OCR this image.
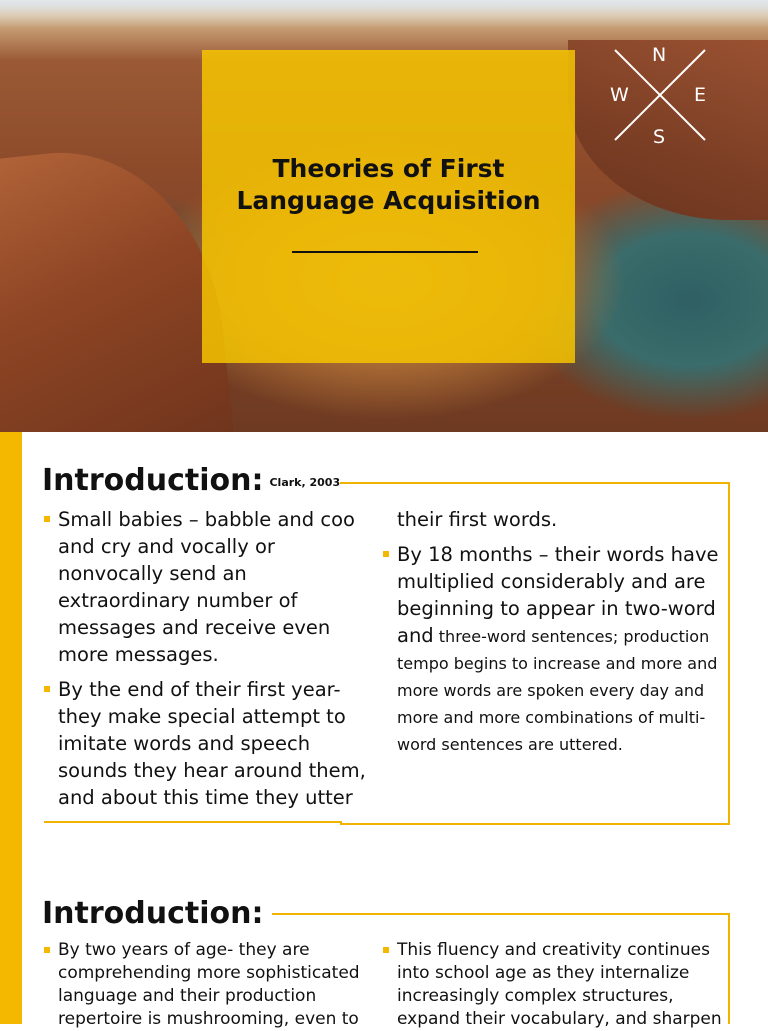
Theories of First Language Acquisition
N
W	E
S
Introduction: Clark, 2003
Small babies – babble and coo and cry and vocally or nonvocally send an extraordinary number of messages and receive even more messages.
By the end of their first year- they make special attempt to imitate words and speech sounds they hear around them, and about this time they utter
their first words.
By 18 months – their words have multiplied considerably and are beginning to appear in two-word and three-word sentences; production tempo begins to increase and more and more words are spoken every day and more and more combinations of multi-word sentences are uttered.
Introduction:
By two years of age- they are comprehending more sophisticated language and their production repertoire is mushrooming, even to
This fluency and creativity continues into school age as they internalize increasingly complex structures, expand their vocabulary, and sharpen
